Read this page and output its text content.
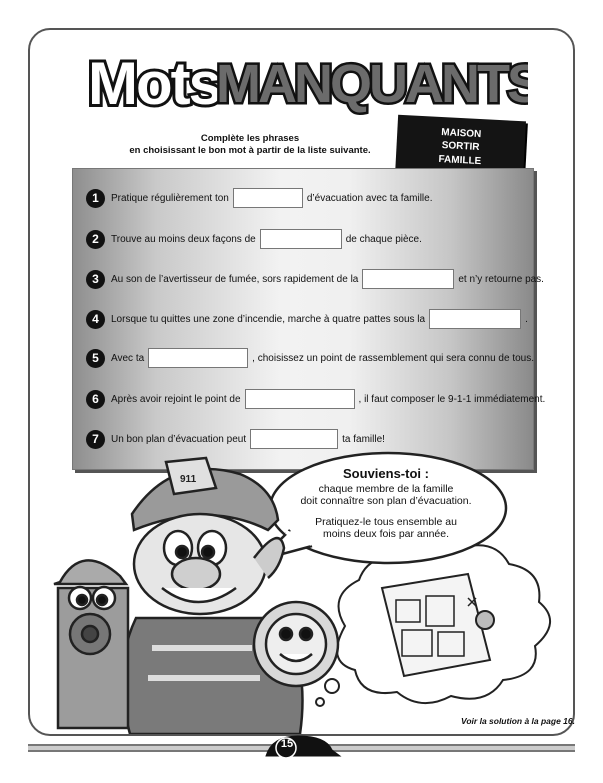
Mots
MANQUANTS
Complète les phrases
en choisissant le bon mot à partir de la liste suivante.
MAISON
SORTIR
FAMILLE
1	Pratique régulièrement ton	d’évacuation avec ta famille.
2	Trouve au moins deux façons de	de chaque pièce.
3	Au son de l’avertisseur de fumée, sors rapidement de la	et n’y retourne pas.
4	Lorsque tu quittes une zone d’incendie, marche à quatre pattes sous la	.
5	Avec ta	, choisissez un point de rassemblement qui sera connu de tous.
6	Après avoir rejoint le point de	, il faut composer le 9-1-1 immédiatement.
7	Un bon plan d’évacuation peut	ta famille!
911	Souviens-toi :
chaque membre de la famille
doit connaître son plan d’évacuation.
Pratiquez-le tous ensemble au
moins deux fois par année.
Voir la solution à la page 16.
15
